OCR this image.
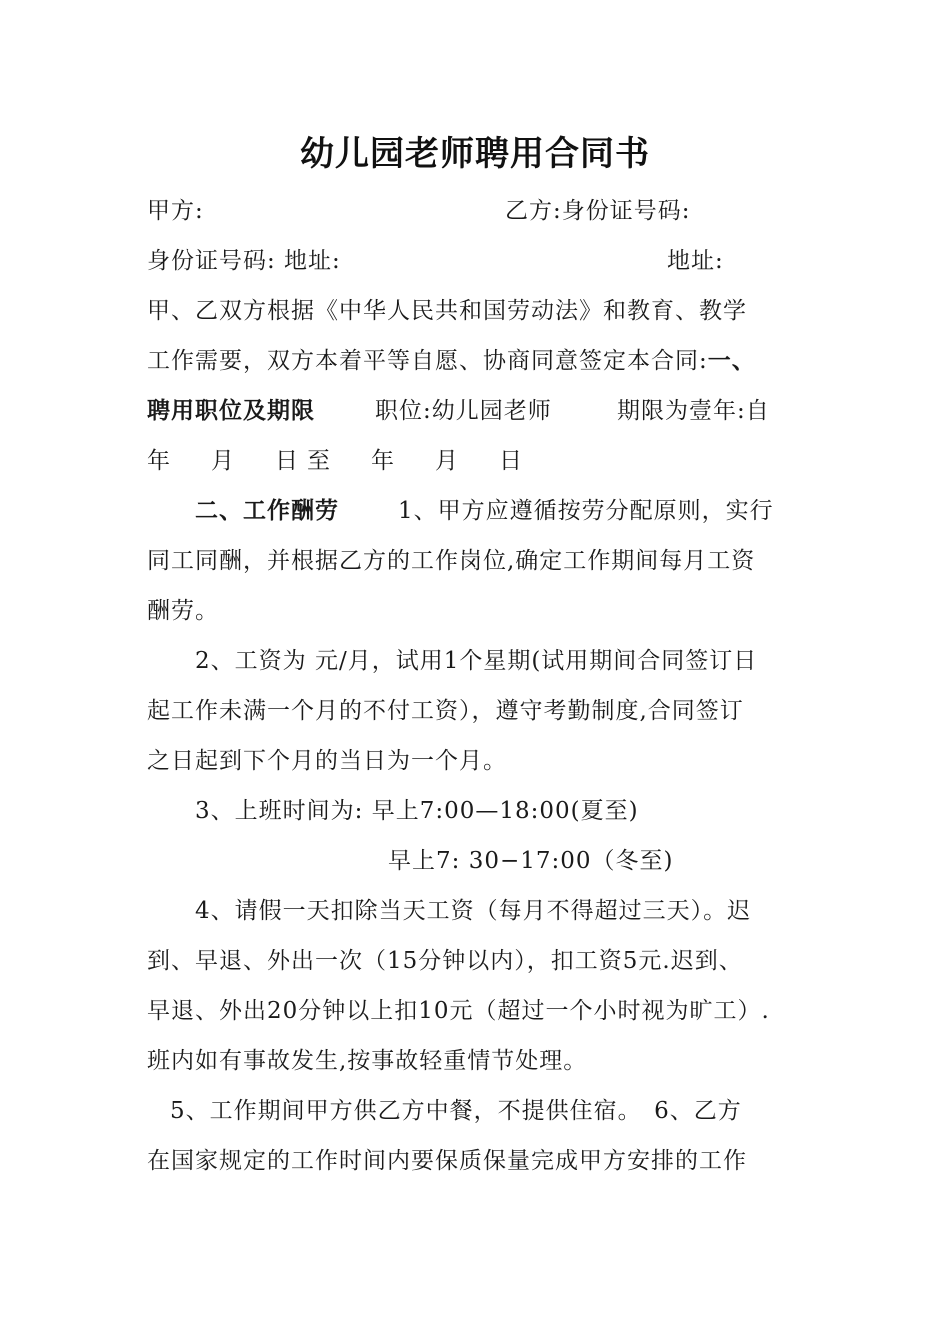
幼儿园老师聘用合同书
甲方:	乙方:身份证号码:
身份证号码: 地址:	地址:
甲、乙双方根据《中华人民共和国劳动法》和教育、教学
工作需要，双方本着平等自愿、协商同意签定本合同:一、
聘用职位及期限	职位:幼儿园老师	期限为壹年:自
年　月　日至　年　月　日
二、工作酬劳	1、甲方应遵循按劳分配原则，实行
同工同酬，并根据乙方的工作岗位,确定工作期间每月工资
酬劳。
2、工资为 元/月，试用1个星期(试用期间合同签订日
起工作未满一个月的不付工资），遵守考勤制度,合同签订
之日起到下个月的当日为一个月。
3、上班时间为: 早上7:00—18:00(夏至)
早上7: 30−17:00（冬至)
4、请假一天扣除当天工资（每月不得超过三天）。迟
到、早退、外出一次（15分钟以内），扣工资5元.迟到、
早退、外出20分钟以上扣10元（超过一个小时视为旷工）.
班内如有事故发生,按事故轻重情节处理。
5、工作期间甲方供乙方中餐，不提供住宿。　6、乙方
在国家规定的工作时间内要保质保量完成甲方安排的工作
